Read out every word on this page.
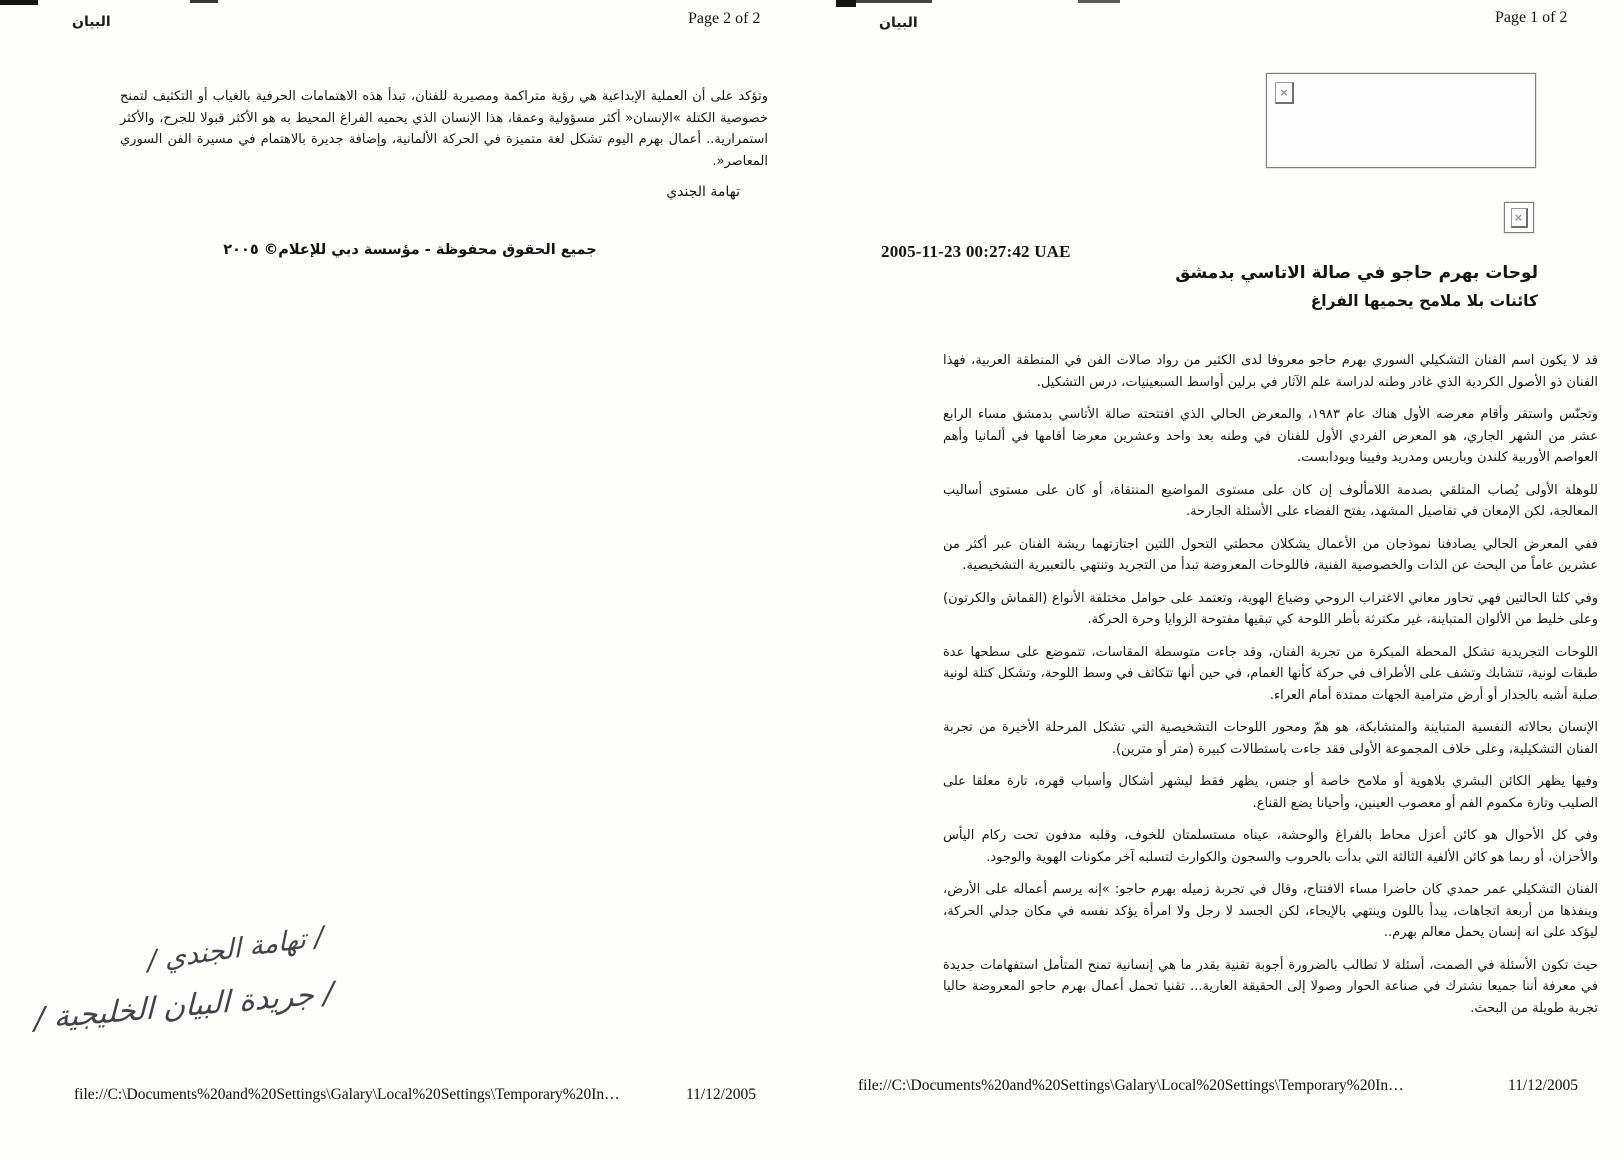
البيان	Page 2 of 2

وتؤكد على أن العملية الإبداعية هي رؤية متراكمة ومصيرية للفنان، تبدأ هذه الاهتمامات الحرفية بالغياب أو التكثيف لتمنح خصوصية الكتلة »الإنسان« أكثر مسؤولية وعمقا، هذا الإنسان الذي يحميه الفراغ المحيط به هو الأكثر قبولا للجرح، والأكثر استمرارية.. أعمال بهرم اليوم تشكل لغة متميزة في الحركة الألمانية، وإضافة جديرة بالاهتمام في مسيرة الفن السوري المعاصر«.

تهامة الجندي
جميع الحقوق محفوظة - مؤسسة دبي للإعلام© ٢٠٠٥
/ تهامة الجندي /
/ جريدة البيان الخليجية /
file://C:\Documents%20and%20Settings\Galary\Local%20Settings\Temporary%20In…	11/12/2005
البيان	Page 1 of 2
×
×
2005-11-23 00:27:42 UAE
لوحات بهرم حاجو في صالة الاتاسي بدمشق
كائنات بلا ملامح يحميها الفراغ

قد لا يكون اسم الفنان التشكيلي السوري بهرم حاجو معروفا لدى الكثير من رواد صالات الفن في المنطقة العربية، فهذا الفنان ذو الأصول الكردية الذي غادر وطنه لدراسة علم الآثار في برلين أواسط السبعينيات، درس التشكيل.

وتجنّس واستقر وأقام معرضه الأول هناك عام ١٩٨٣، والمعرض الحالي الذي افتتحته صالة الأتاسي بدمشق مساء الرابع عشر من الشهر الجاري، هو المعرض الفردي الأول للفنان في وطنه بعد واحد وعشرين معرضا أقامها في ألمانيا وأهم العواصم الأوربية كلندن وباريس ومدريد وفيينا وبودابست.

للوهلة الأولى يُصاب المتلقي بصدمة اللامألوف إن كان على مستوى المواضيع المنتقاة، أو كان على مستوى أساليب المعالجة، لكن الإمعان في تفاصيل المشهد، يفتح الفضاء على الأسئلة الجارحة.

ففي المعرض الحالي يصادفنا نموذجان من الأعمال يشكلان محطتي التحول اللتين اجتازتهما ريشة الفنان عبر أكثر من عشرين عاماً من البحث عن الذات والخصوصية الفنية، فاللوحات المعروضة تبدأ من التجريد وتنتهي بالتعبيرية التشخيصية.

وفي كلتا الحالتين فهي تحاور معاني الاغتراب الروحي وضياع الهوية، وتعتمد على حوامل مختلفة الأنواع (القماش والكرتون) وعلى خليط من الألوان المتباينة، غير مكترثة بأطر اللوحة كي تبقيها مفتوحة الزوايا وحرة الحركة.

اللوحات التجريدية تشكل المحطة المبكرة من تجربة الفنان، وقد جاءت متوسطة المقاسات، تتموضع على سطحها عدة طبقات لونية، تتشابك وتشف على الأطراف في حركة كأنها الغمام، في حين أنها تتكاثف في وسط اللوحة، وتشكل كتلة لونية صلبة أشبه بالجدار أو أرض مترامية الجهات ممتدة أمام العراء.

الإنسان بحالاته النفسية المتباينة والمتشابكة، هو همّ ومحور اللوحات التشخيصية التي تشكل المرحلة الأخيرة من تجربة الفنان التشكيلية، وعلى خلاف المجموعة الأولى فقد جاءت باستطالات كبيرة (متر أو مترين).

وفيها يظهر الكائن البشري بلاهوية أو ملامح خاصة أو جنس، يظهر فقط ليشهر أشكال وأسباب قهره، تارة معلقا على الصليب وتارة مكموم الفم أو معصوب العينين، وأحيانا يضع القناع.

وفي كل الأحوال هو كائن أعزل محاط بالفراغ والوحشة، عيناه مستسلمتان للخوف، وقلبه مدفون تحت ركام اليأس والأحزان، أو ربما هو كائن الألفية الثالثة التي بدأت بالحروب والسجون والكوارث لتسلبه آخر مكونات الهوية والوجود.

الفنان التشكيلي عمر حمدي كان حاضرا مساء الافتتاح، وقال في تجربة زميله بهرم حاجو: »إنه يرسم أعماله على الأرض، وينفذها من أربعة اتجاهات، يبدأ باللون وينتهي بالإيحاء، لكن الجسد لا رجل ولا امرأة يؤكد نفسه في مكان جدلي الحركة، ليؤكد على انه إنسان يحمل معالم بهرم..

حيث تكون الأسئلة في الصمت، أسئلة لا تطالب بالضرورة أجوبة تقنية بقدر ما هي إنسانية تمنح المتأمل استفهامات جديدة في معرفة أننا جميعا نشترك في صناعة الحوار وصولا إلى الحقيقة العارية... تقنيا تحمل أعمال بهرم حاجو المعروضة حاليا تجربة طويلة من البحث.

file://C:\Documents%20and%20Settings\Galary\Local%20Settings\Temporary%20In…	11/12/2005
